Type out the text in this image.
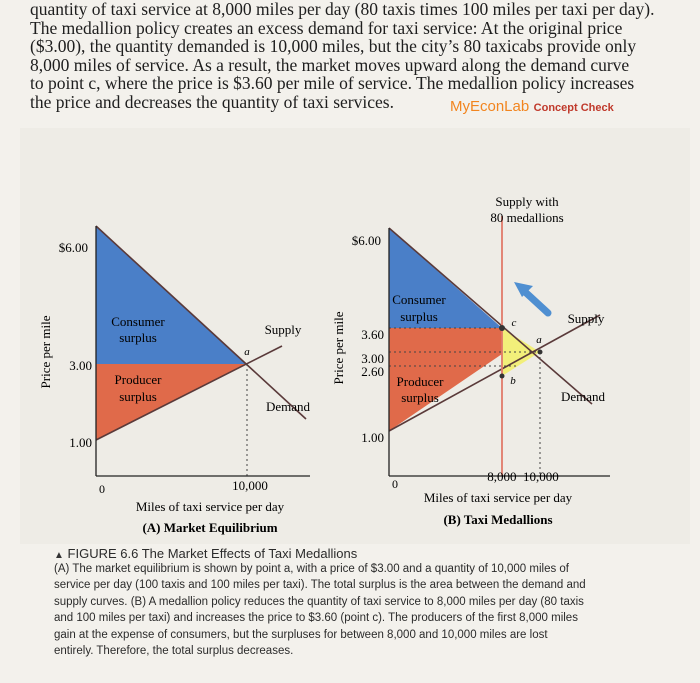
quantity of taxi service at 8,000 miles per day (80 taxis times 100 miles per taxi per day).
The medallion policy creates an excess demand for taxi service: At the original price
($3.00), the quantity demanded is 10,000 miles, but the city’s 80 taxicabs provide only
8,000 miles of service. As a result, the market moves upward along the demand curve
to point c, where the price is $3.60 per mile of service. The medallion policy increases
the price and decreases the quantity of taxi services.	MyEconLab Concept Check
$6.00
3.00
1.00
0	10,000
Price per mile	Consumer
surplus
Producer
surplus
Supply
Demand
a
Miles of taxi service per day
(A) Market Equilibrium
$6.00
3.60
3.00
2.60
1.00
0	8,000  10,000
Price per mile
Supply with
80 medallions
Consumer
surplus
Producer
surplus
Supply
Demand
c
a
b
Miles of taxi service per day
(B) Taxi Medallions
▲ FIGURE 6.6 The Market Effects of Taxi Medallions
(A) The market equilibrium is shown by point a, with a price of $3.00 and a quantity of 10,000 miles of
service per day (100 taxis and 100 miles per taxi). The total surplus is the area between the demand and
supply curves. (B) A medallion policy reduces the quantity of taxi service to 8,000 miles per day (80 taxis
and 100 miles per taxi) and increases the price to $3.60 (point c). The producers of the first 8,000 miles
gain at the expense of consumers, but the surpluses for between 8,000 and 10,000 miles are lost
entirely. Therefore, the total surplus decreases.
